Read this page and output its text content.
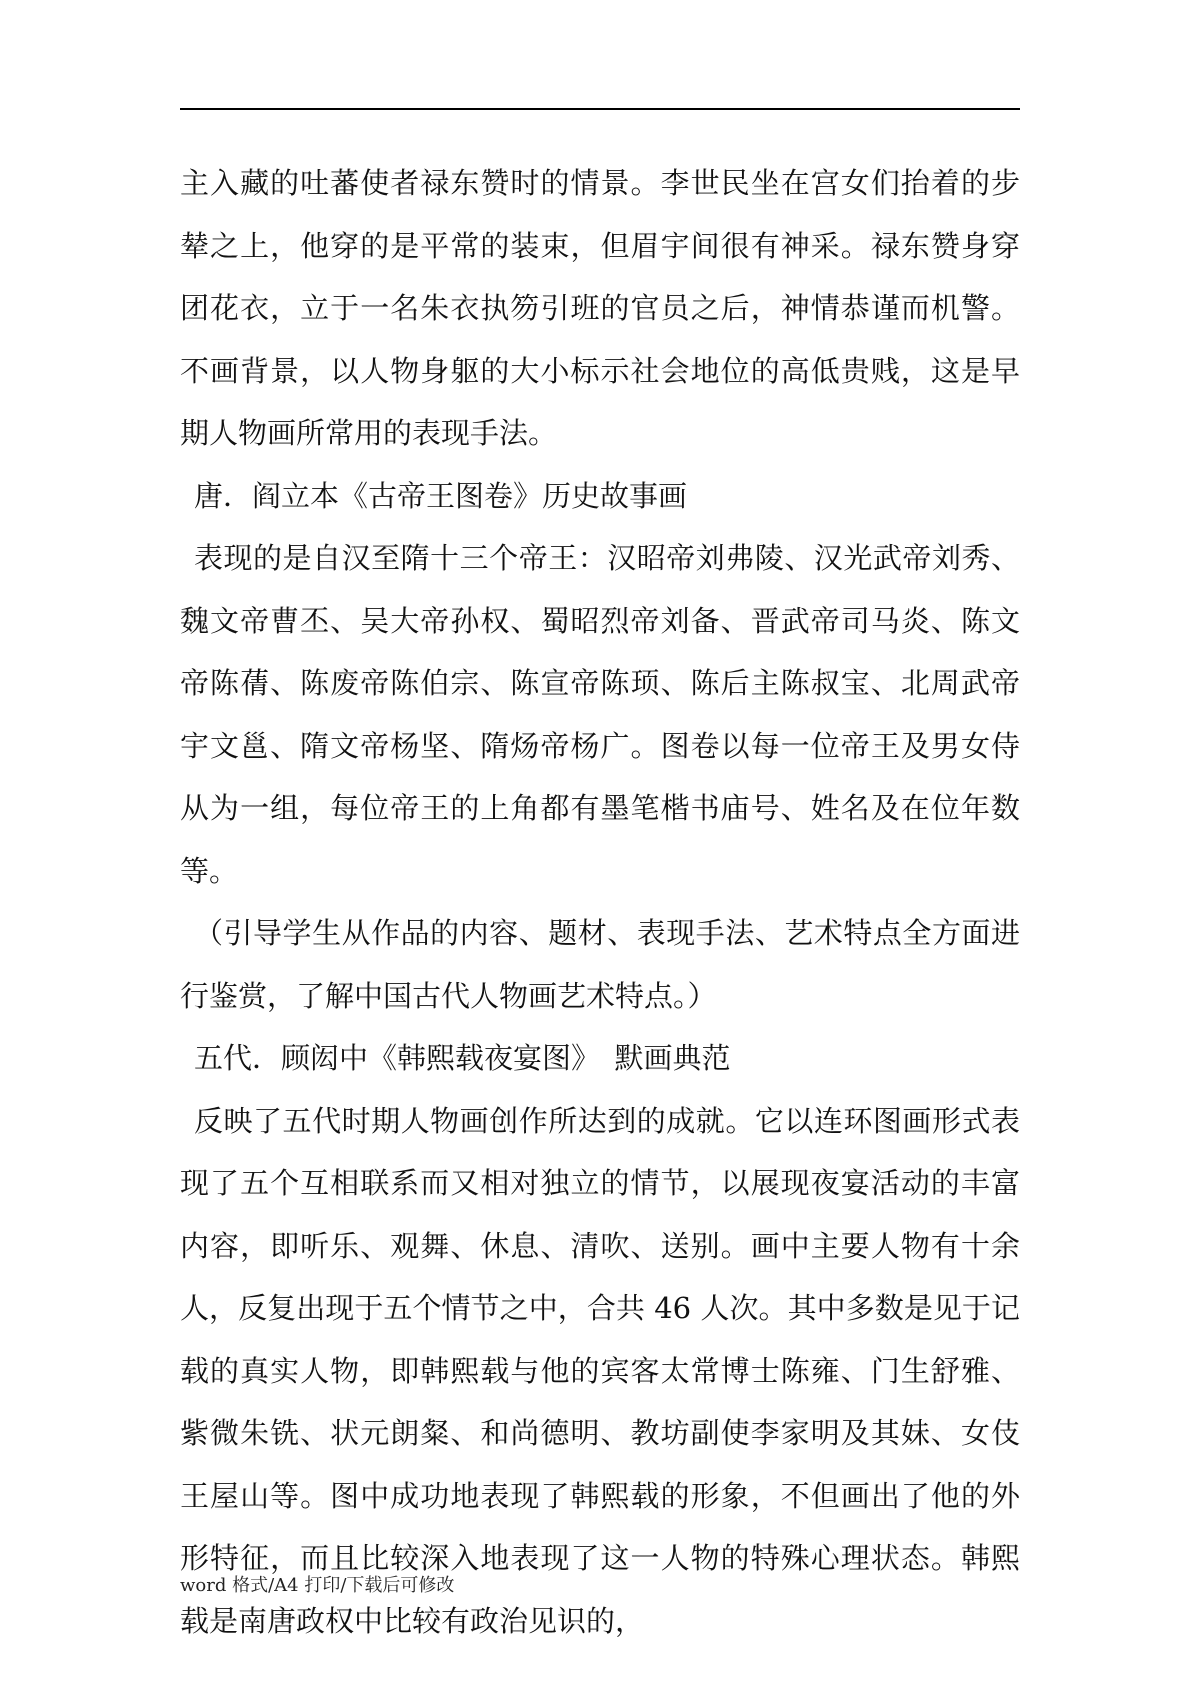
主入藏的吐蕃使者禄东赞时的情景。李世民坐在宫女们抬着的步辇之上，他穿的是平常的装束，但眉宇间很有神采。禄东赞身穿团花衣，立于一名朱衣执笏引班的官员之后，神情恭谨而机警。不画背景，以人物身躯的大小标示社会地位的高低贵贱，这是早期人物画所常用的表现手法。

唐．阎立本《古帝王图卷》历史故事画

表现的是自汉至隋十三个帝王：汉昭帝刘弗陵、汉光武帝刘秀、魏文帝曹丕、吴大帝孙权、蜀昭烈帝刘备、晋武帝司马炎、陈文帝陈蒨、陈废帝陈伯宗、陈宣帝陈顼、陈后主陈叔宝、北周武帝宇文邕、隋文帝杨坚、隋炀帝杨广。图卷以每一位帝王及男女侍从为一组，每位帝王的上角都有墨笔楷书庙号、姓名及在位年数等。

（引导学生从作品的内容、题材、表现手法、艺术特点全方面进行鉴赏，了解中国古代人物画艺术特点。）

五代．顾闳中《韩熙载夜宴图》　默画典范

反映了五代时期人物画创作所达到的成就。它以连环图画形式表现了五个互相联系而又相对独立的情节，以展现夜宴活动的丰富内容，即听乐、观舞、休息、清吹、送别。画中主要人物有十余人，反复出现于五个情节之中，合共 46 人次。其中多数是见于记载的真实人物，即韩熙载与他的宾客太常博士陈雍、门生舒雅、紫微朱铣、状元朗粲、和尚德明、教坊副使李家明及其妹、女伎王屋山等。图中成功地表现了韩熙载的形象，不但画出了他的外形特征，而且比较深入地表现了这一人物的特殊心理状态。韩熙载是南唐政权中比较有政治见识的，

word 格式/A4 打印/下载后可修改
